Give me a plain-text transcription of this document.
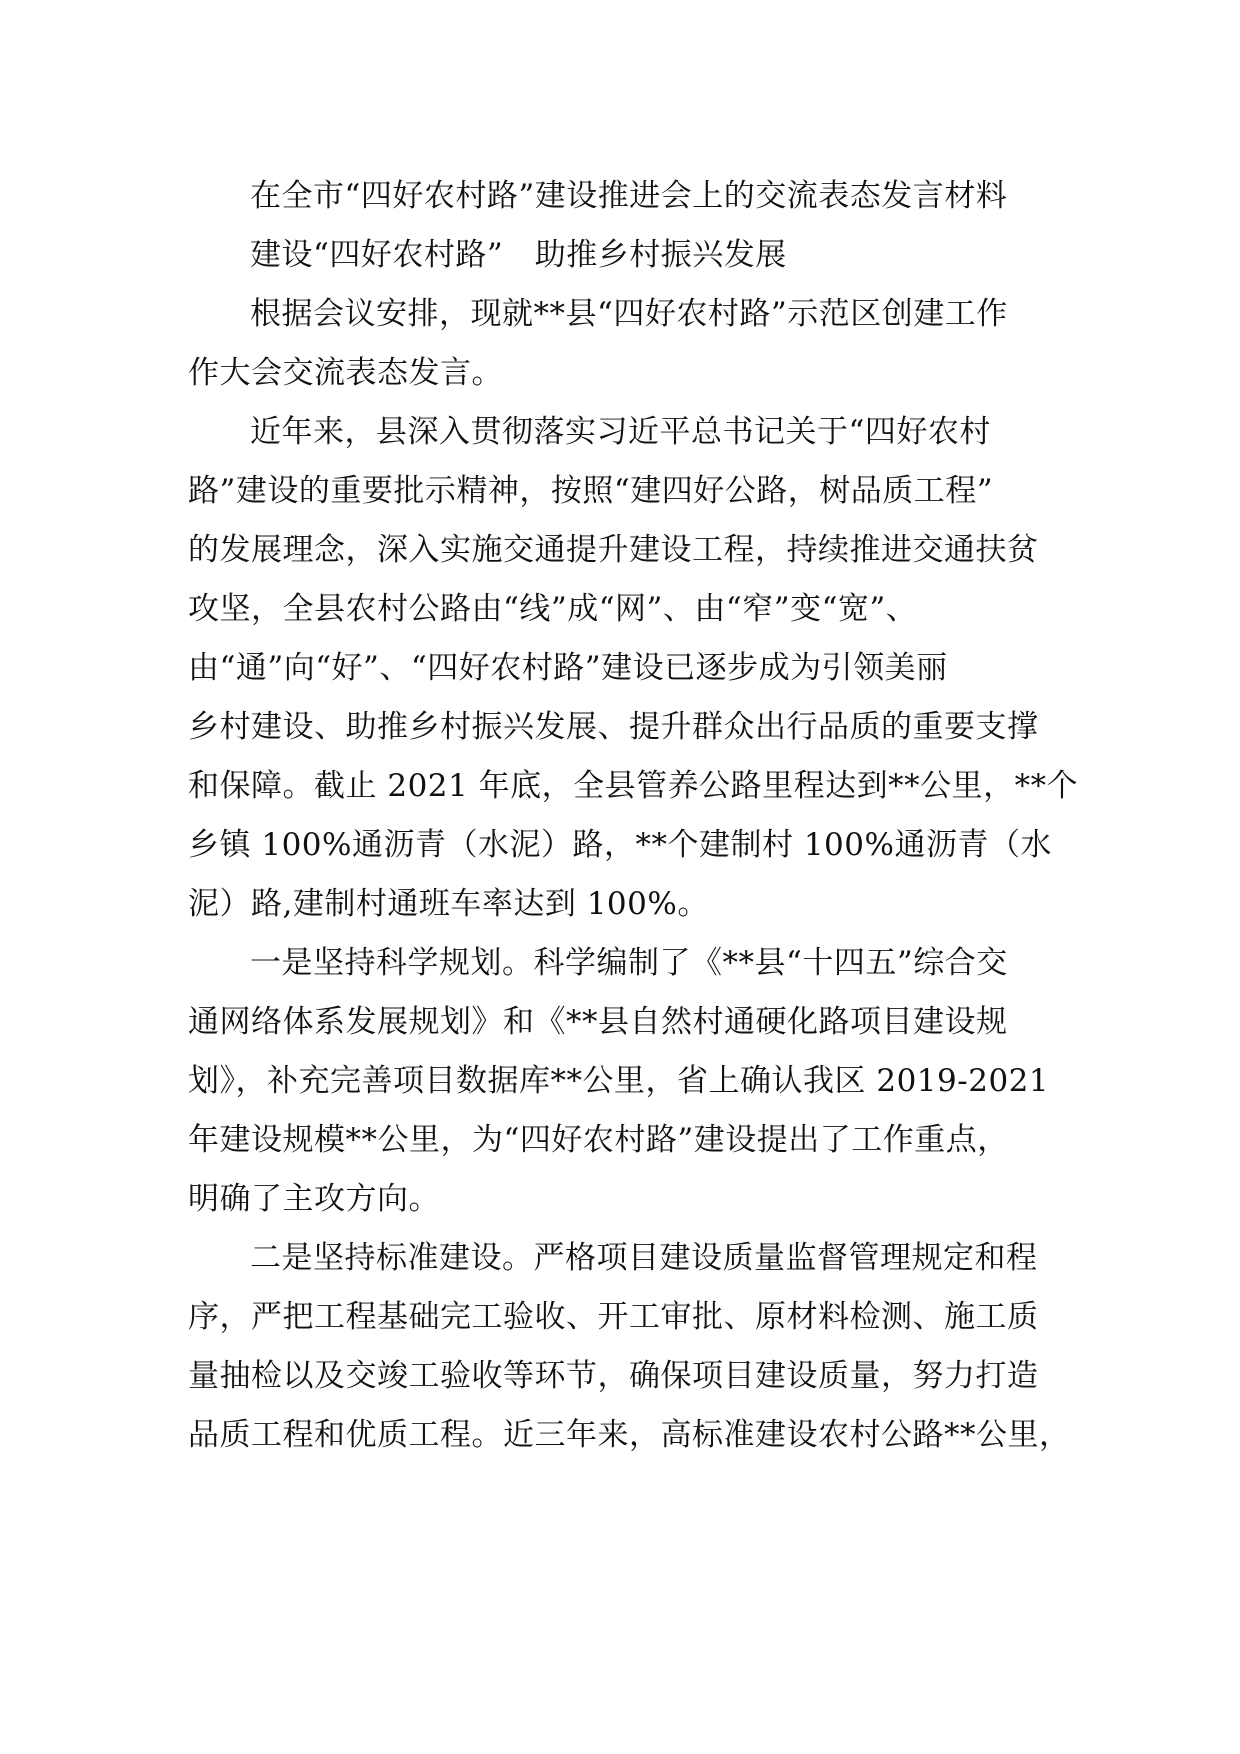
在全市“四好农村路”建设推进会上的交流表态发言材料
建设“四好农村路”　助推乡村振兴发展
根据会议安排，现就**县“四好农村路”示范区创建工作
作大会交流表态发言。
近年来，县深入贯彻落实习近平总书记关于“四好农村
路”建设的重要批示精神，按照“建四好公路，树品质工程”
的发展理念，深入实施交通提升建设工程，持续推进交通扶贫
攻坚，全县农村公路由“线”成“网”、由“窄”变“宽”、
由“通”向“好”、“四好农村路”建设已逐步成为引领美丽
乡村建设、助推乡村振兴发展、提升群众出行品质的重要支撑
和保障。截止 2021 年底，全县管养公路里程达到**公里，**个
乡镇 100%通沥青（水泥）路，**个建制村 100%通沥青（水
泥）路,建制村通班车率达到 100%。
一是坚持科学规划。科学编制了《**县“十四五”综合交
通网络体系发展规划》和《**县自然村通硬化路项目建设规
划》，补充完善项目数据库**公里，省上确认我区 2019-2021
年建设规模**公里，为“四好农村路”建设提出了工作重点，
明确了主攻方向。
二是坚持标准建设。严格项目建设质量监督管理规定和程
序，严把工程基础完工验收、开工审批、原材料检测、施工质
量抽检以及交竣工验收等环节，确保项目建设质量，努力打造
品质工程和优质工程。近三年来，高标准建设农村公路**公里，
